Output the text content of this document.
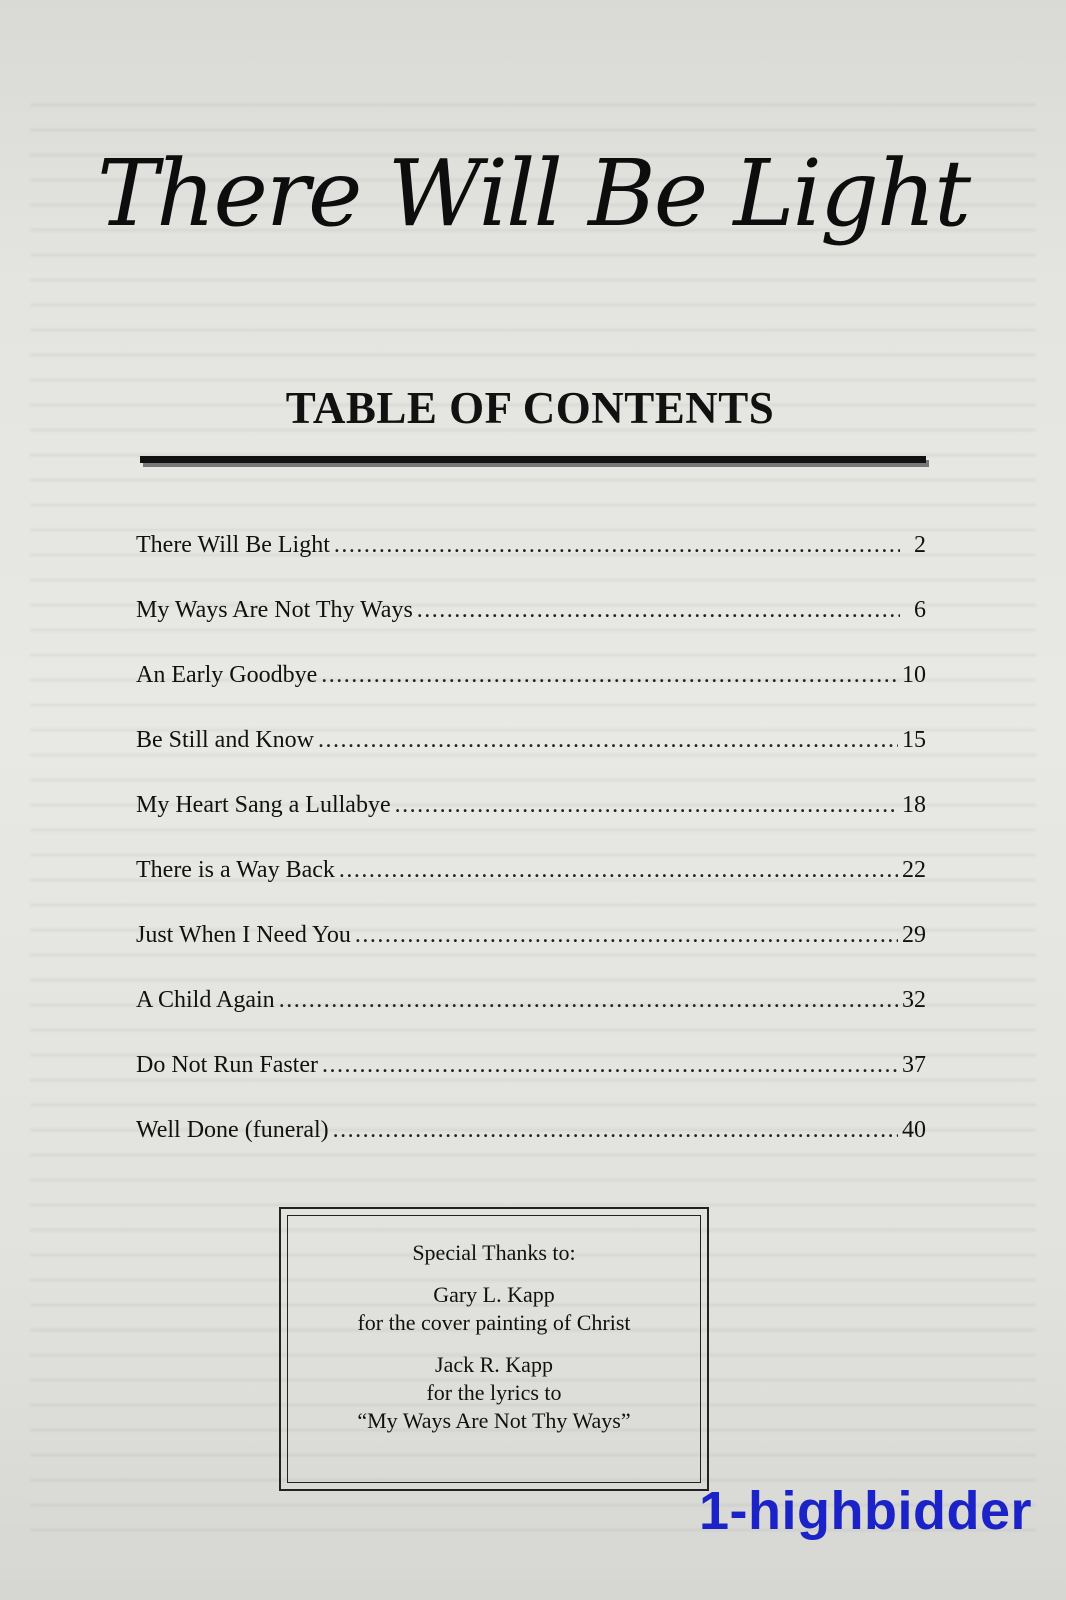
There Will Be Light
TABLE OF CONTENTS
There Will Be Light .....	2
My Ways Are Not Thy Ways .....	6
An Early Goodbye .....	10
Be Still and Know .....	15
My Heart Sang a Lullabye .....	18
There is a Way Back .....	22
Just When I Need You .....	29
A Child Again .....	32
Do Not Run Faster .....	37
Well Done (funeral) .....	40
Special Thanks to:
Gary L. Kapp
for the cover painting of Christ
Jack R. Kapp
for the lyrics to
“My Ways Are Not Thy Ways”
1-highbidder
